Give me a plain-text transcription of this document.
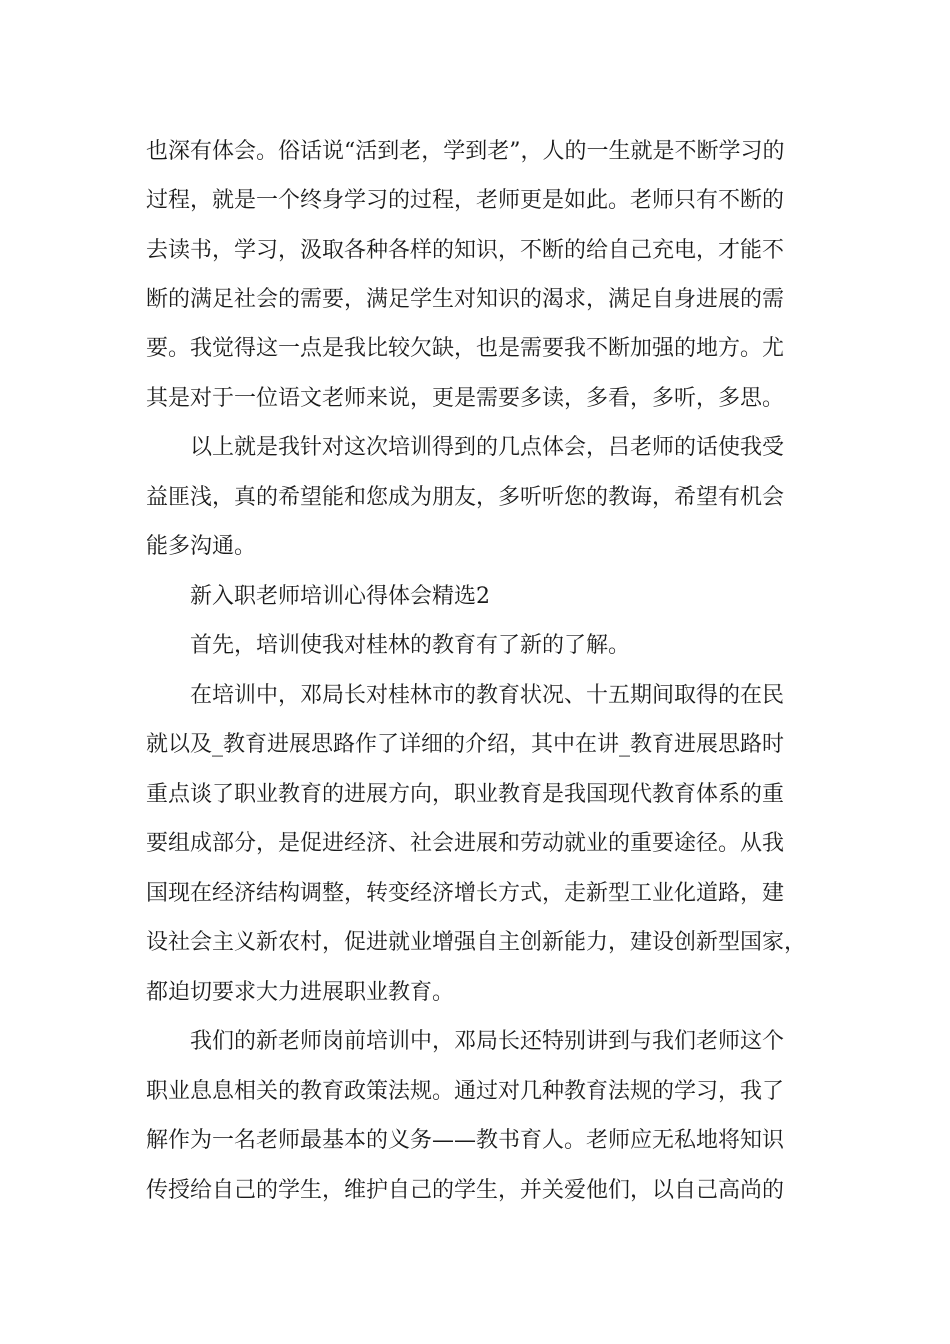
也深有体会。俗话说“活到老，学到老”，人的一生就是不断学习的
过程，就是一个终身学习的过程，老师更是如此。老师只有不断的
去读书，学习，汲取各种各样的知识，不断的给自己充电，才能不
断的满足社会的需要，满足学生对知识的渴求，满足自身进展的需
要。我觉得这一点是我比较欠缺，也是需要我不断加强的地方。尤
其是对于一位语文老师来说，更是需要多读，多看，多听，多思。
以上就是我针对这次培训得到的几点体会，吕老师的话使我受
益匪浅，真的希望能和您成为朋友，多听听您的教诲，希望有机会
能多沟通。
新入职老师培训心得体会精选2
首先，培训使我对桂林的教育有了新的了解。
在培训中，邓局长对桂林市的教育状况、十五期间取得的在民
就以及_教育进展思路作了详细的介绍，其中在讲_教育进展思路时
重点谈了职业教育的进展方向，职业教育是我国现代教育体系的重
要组成部分，是促进经济、社会进展和劳动就业的重要途径。从我
国现在经济结构调整，转变经济增长方式，走新型工业化道路，建
设社会主义新农村，促进就业增强自主创新能力，建设创新型国家，
都迫切要求大力进展职业教育。
我们的新老师岗前培训中，邓局长还特别讲到与我们老师这个
职业息息相关的教育政策法规。通过对几种教育法规的学习，我了
解作为一名老师最基本的义务——教书育人。老师应无私地将知识
传授给自己的学生，维护自己的学生，并关爱他们，以自己高尚的
